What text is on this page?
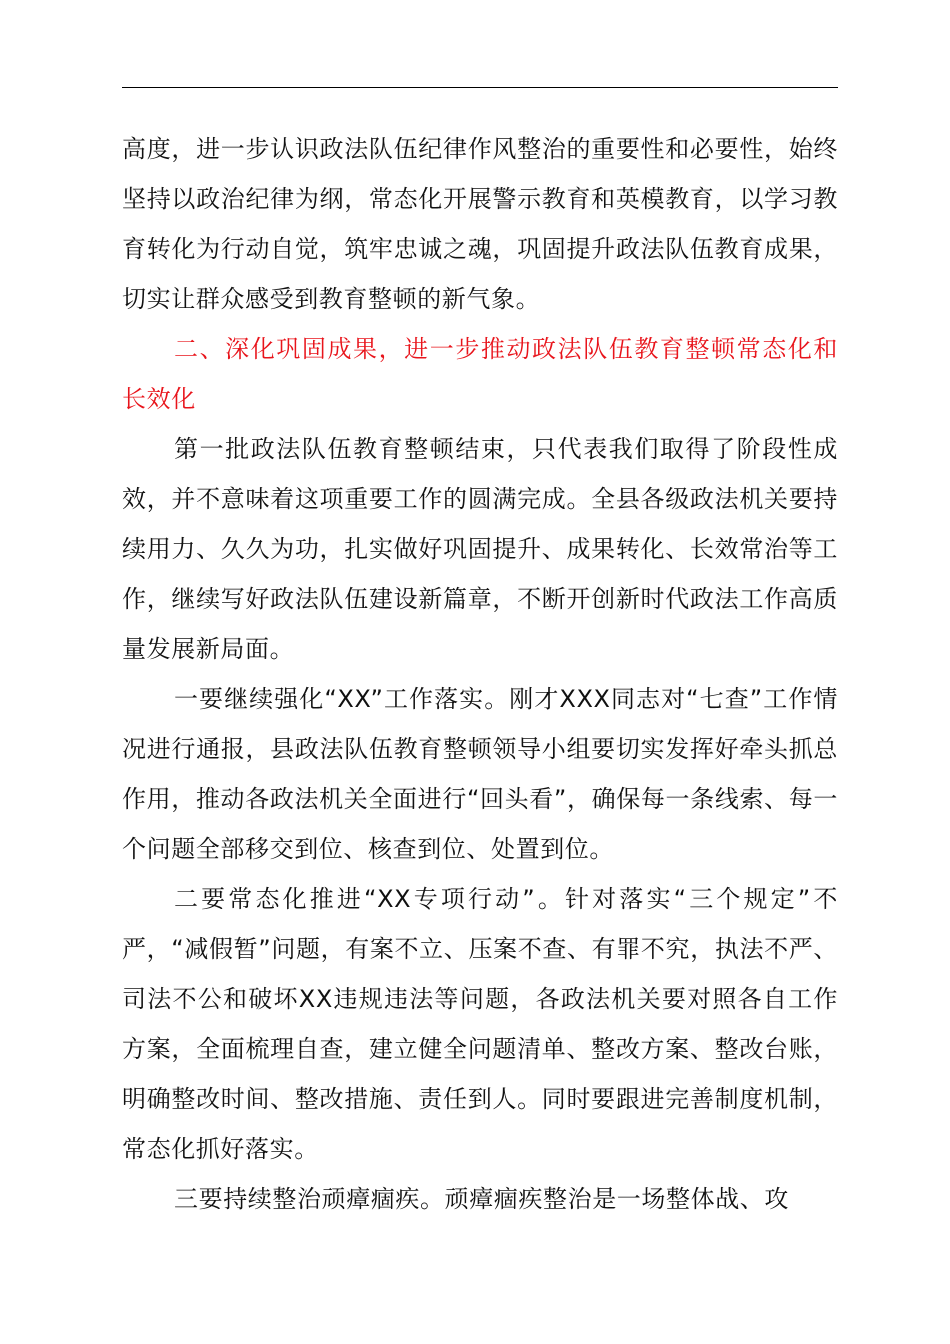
高度，进一步认识政法队伍纪律作风整治的重要性和必要性，始终坚持以政治纪律为纲，常态化开展警示教育和英模教育，以学习教育转化为行动自觉，筑牢忠诚之魂，巩固提升政法队伍教育成果，切实让群众感受到教育整顿的新气象。

二、深化巩固成果，进一步推动政法队伍教育整顿常态化和长效化

第一批政法队伍教育整顿结束，只代表我们取得了阶段性成效，并不意味着这项重要工作的圆满完成。全县各级政法机关要持续用力、久久为功，扎实做好巩固提升、成果转化、长效常治等工作，继续写好政法队伍建设新篇章，不断开创新时代政法工作高质量发展新局面。

一要继续强化“XX”工作落实。刚才XXX同志对“七查”工作情况进行通报，县政法队伍教育整顿领导小组要切实发挥好牵头抓总作用，推动各政法机关全面进行“回头看”，确保每一条线索、每一个问题全部移交到位、核查到位、处置到位。

二要常态化推进“XX专项行动”。针对落实“三个规定”不严，“减假暂”问题，有案不立、压案不查、有罪不究，执法不严、司法不公和破坏XX违规违法等问题，各政法机关要对照各自工作方案，全面梳理自查，建立健全问题清单、整改方案、整改台账，明确整改时间、整改措施、责任到人。同时要跟进完善制度机制，常态化抓好落实。

三要持续整治顽瘴痼疾。顽瘴痼疾整治是一场整体战、攻
